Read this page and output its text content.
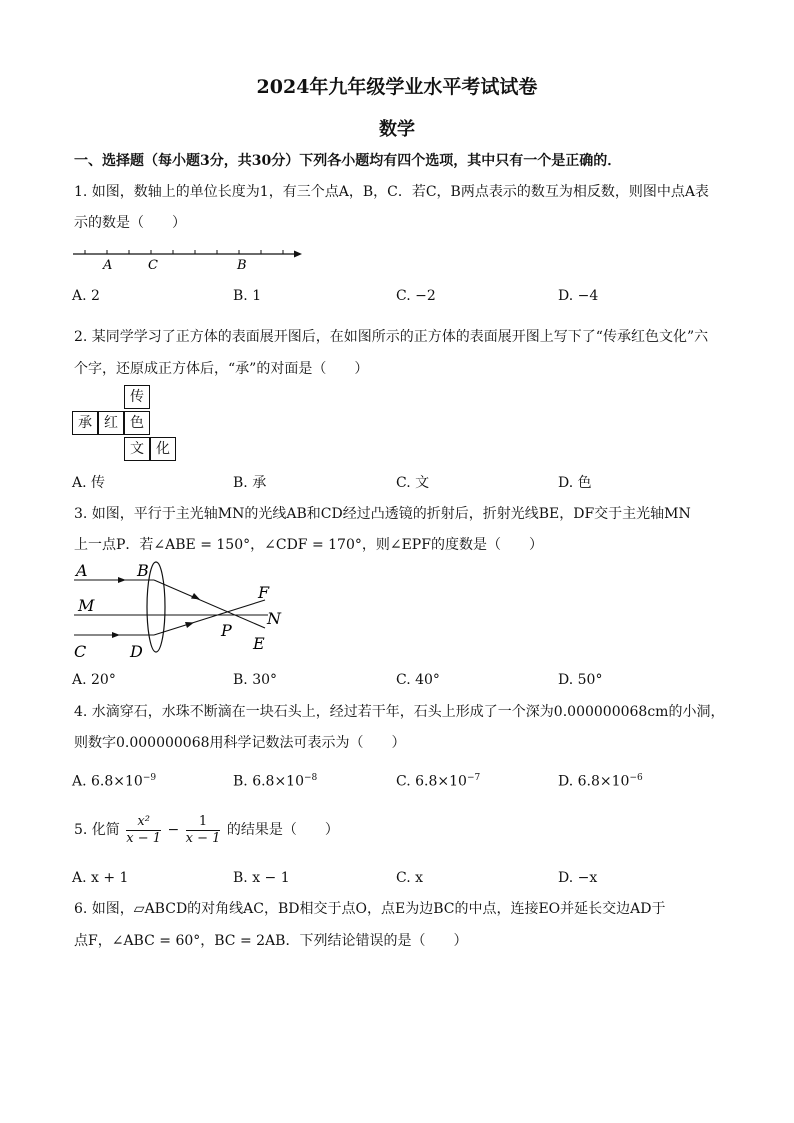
2024年九年级学业水平考试试卷
数学
一、选择题（每小题3分，共30分）下列各小题均有四个选项，其中只有一个是正确的．
1. 如图，数轴上的单位长度为1，有三个点A，B，C．若C，B两点表示的数互为相反数，则图中点A表
示的数是（　　）
A	C	B
A. 2	B. 1	C. −2	D. −4
2. 某同学学习了正方体的表面展开图后，在如图所示的正方体的表面展开图上写下了“传承红色文化”六
个字，还原成正方体后，“承”的对面是（　　）
传
承 红 色
文 化
A. 传	B. 承	C. 文	D. 色
3. 如图，平行于主光轴MN的光线AB和CD经过凸透镜的折射后，折射光线BE，DF交于主光轴MN
上一点P．若∠ABE = 150°，∠CDF = 170°，则∠EPF的度数是（　　）
A	B
F
M
N
P
E
C	D
A. 20°	B. 30°	C. 40°	D. 50°
4. 水滴穿石，水珠不断滴在一块石头上，经过若干年，石头上形成了一个深为0.000000068cm的小洞，
则数字0.000000068用科学记数法可表示为（　　）
A. $6.8\times 10^{-9}$	B. $6.8\times 10^{-8}$	C. $6.8\times 10^{-7}$	D. $6.8\times 10^{-6}$
5. 化简 $\frac{\text{x²}}{x - 1} - \frac{1}{x - 1}$ 的结果是（　　）
A. x + 1	B. x − 1	C. x	D. −x
6. 如图，▱ABCD的对角线AC，BD相交于点O，点E为边BC的中点，连接EO并延长交边AD于
点F，∠ABC = 60°，BC = 2AB．下列结论错误的是（　　）
